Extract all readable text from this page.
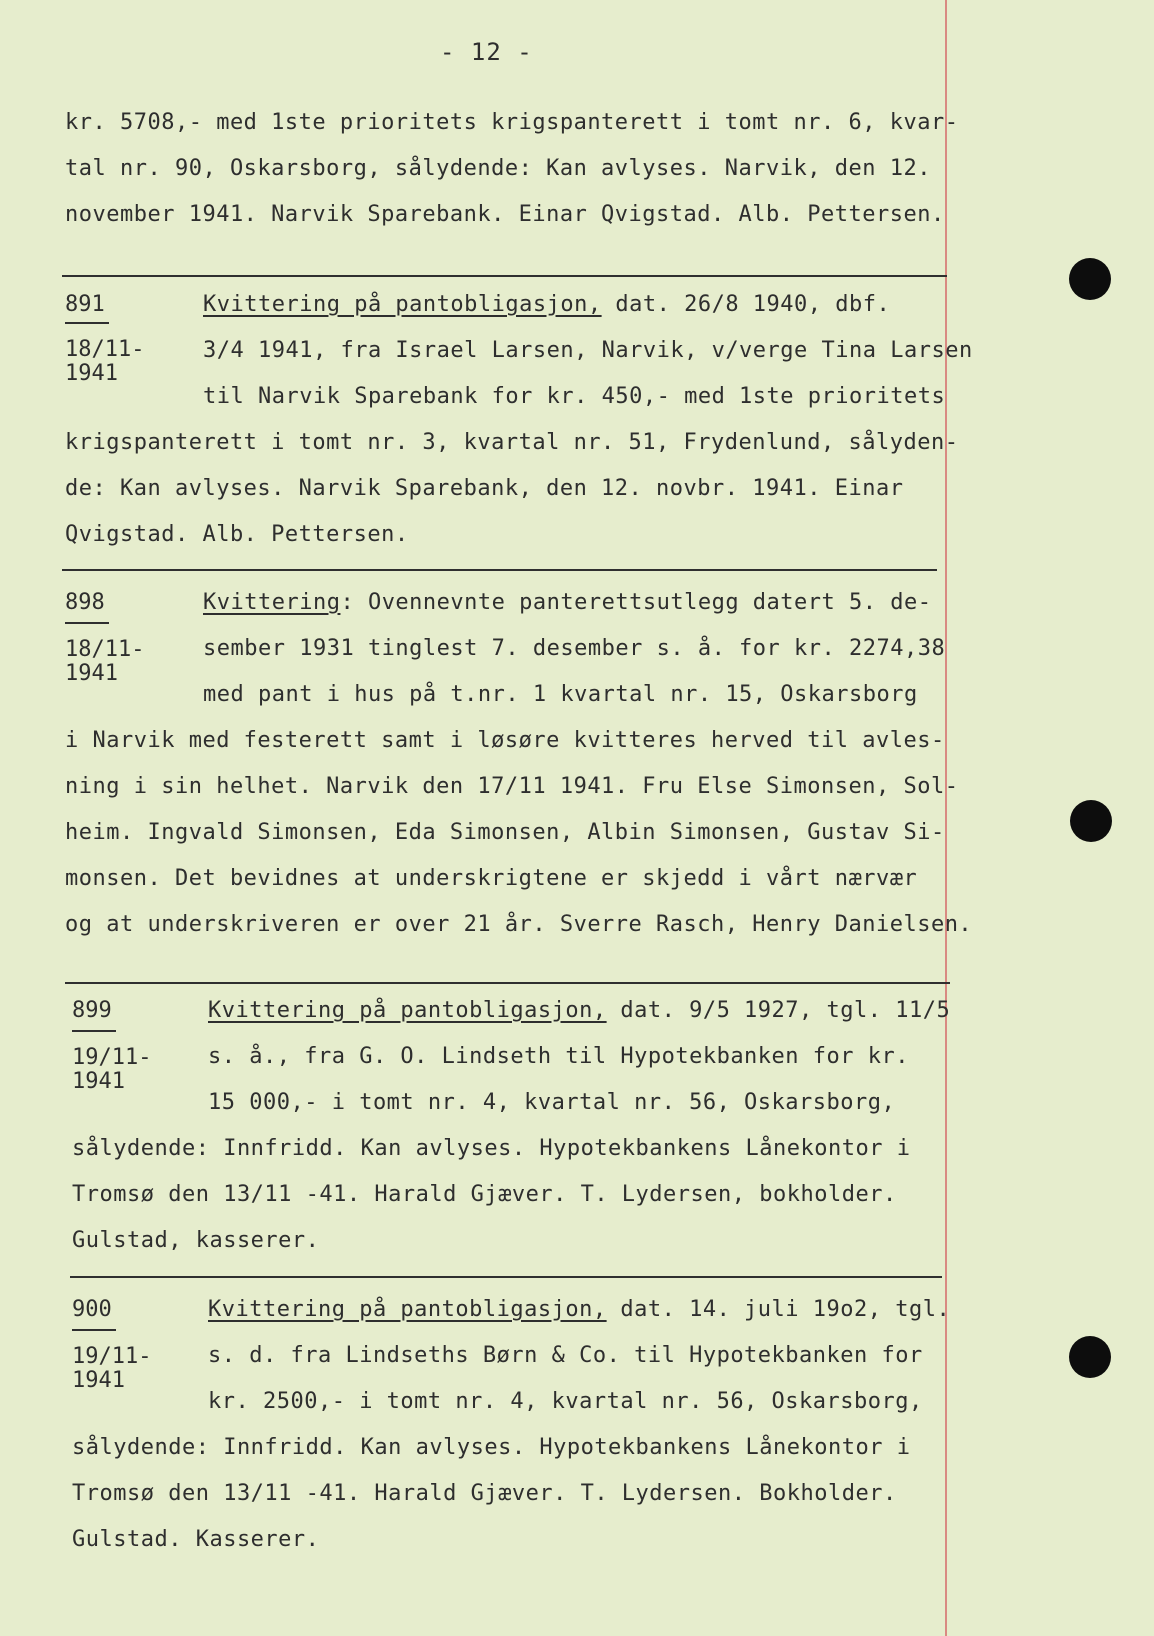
- 12 -
kr. 5708,- med 1ste prioritets krigspanterett i tomt nr. 6, kvar-
tal nr. 90, Oskarsborg, sålydende: Kan avlyses. Narvik, den 12.
november 1941. Narvik Sparebank. Einar Qvigstad. Alb. Pettersen.
891
18/11-
1941
Kvittering på pantobligasjon, dat. 26/8 1940, dbf.
3/4 1941, fra Israel Larsen, Narvik, v/verge Tina Larsen
til Narvik Sparebank for kr. 450,- med 1ste prioritets
krigspanterett i tomt nr. 3, kvartal nr. 51, Frydenlund, sålyden-
de: Kan avlyses. Narvik Sparebank, den 12. novbr. 1941. Einar
Qvigstad. Alb. Pettersen.
898
18/11-
1941
Kvittering: Ovennevnte panterettsutlegg datert 5. de-
sember 1931 tinglest 7. desember s. å. for kr. 2274,38
med pant i hus på t.nr. 1 kvartal nr. 15, Oskarsborg
i Narvik med festerett samt i løsøre kvitteres herved til avles-
ning i sin helhet. Narvik den 17/11 1941. Fru Else Simonsen, Sol-
heim. Ingvald Simonsen, Eda Simonsen, Albin Simonsen, Gustav Si-
monsen. Det bevidnes at underskrigtene er skjedd i vårt nærvær
og at underskriveren er over 21 år. Sverre Rasch, Henry Danielsen.
899
19/11-
1941
Kvittering på pantobligasjon, dat. 9/5 1927, tgl. 11/5
s. å., fra G. O. Lindseth til Hypotekbanken for kr.
15 000,- i tomt nr. 4, kvartal nr. 56, Oskarsborg,
sålydende: Innfridd. Kan avlyses. Hypotekbankens Lånekontor i
Tromsø den 13/11 -41. Harald Gjæver. T. Lydersen, bokholder.
Gulstad, kasserer.
900
19/11-
1941
Kvittering på pantobligasjon, dat. 14. juli 19o2, tgl.
s. d. fra Lindseths Børn & Co. til Hypotekbanken for
kr. 2500,- i tomt nr. 4, kvartal nr. 56, Oskarsborg,
sålydende: Innfridd. Kan avlyses. Hypotekbankens Lånekontor i
Tromsø den 13/11 -41. Harald Gjæver. T. Lydersen. Bokholder.
Gulstad. Kasserer.
